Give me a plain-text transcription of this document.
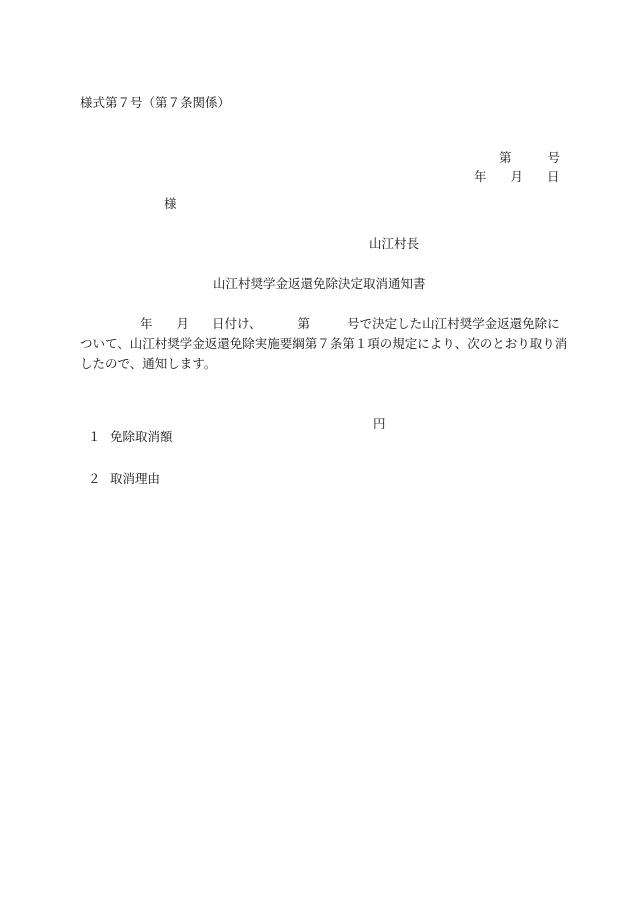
様式第７号（第７条関係）

第	号

年 月 日

様
山江村長
山江村奨学金返還免除決定取消通知書
年 月 日付け、	第	号で決定した山江村奨学金返還免除に
ついて、山江村奨学金返還免除実施要綱第７条第１項の規定により、次のとおり取り消
したので、通知します。

１ 免除取消額
円

２ 取消理由
